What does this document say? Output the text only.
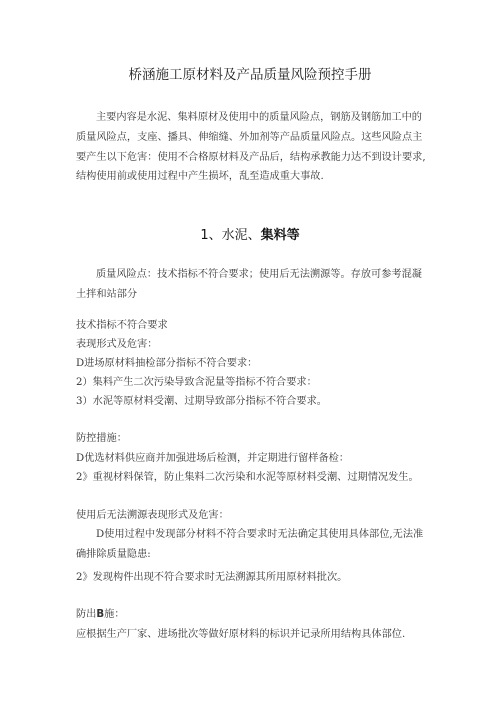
桥涵施工原材料及产品质量风险预控手册

主要内容是水泥、集料原材及使用中的质量风险点，钢筋及钢筋加工中的质量风险点，支座、播具、伸缩缝、外加剂等产品质量风险点。这些风险点主要产生以下危害：使用不合格原材料及产品后，结构承教能力达不到设计要求,结构使用前或使用过程中产生损坏，乱至造成重大事故.

1、水泥、集料等

质量风险点：技术指标不符合要求；使用后无法溯源等。存放可参考混凝土拌和站部分

技术指标不符合要求

表现形式及危害：

D进场原材料抽检部分指标不符合要求：

2）集料产生二次污染导致含泥量等指标不符合要求：

3）水泥等原材料受潮、过期导致部分指标不符合要求。

防控措施：

D优选材料供应商并加强进场后检测，并定期进行留样备检：

2》重视材料保管，防止集料二次污染和水泥等原材料受潮、过期情况发生。

使用后无法溯源表现形式及危害：

D使用过程中发现部分材料不符合要求时无法确定其使用具体部位,无法准确排除质量隐患:

2》发现构件出现不符合要求时无法溯源其所用原材料批次。

防出B施：

应根据生产厂家、进场批次等做好原材料的标识并记录所用结构具体部位.
